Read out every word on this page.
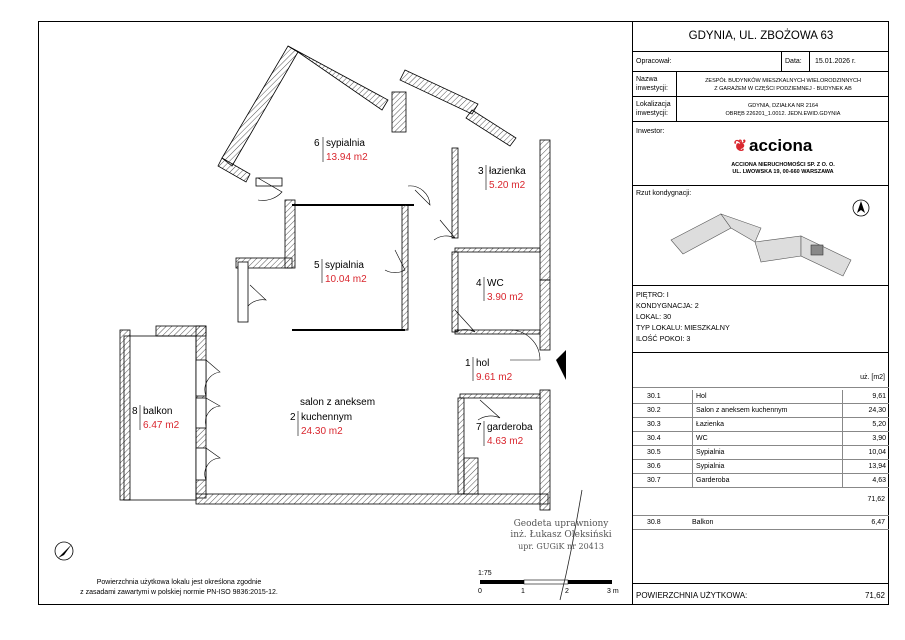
6 sypialnia
13.94 m2
3 łazienka
5.20 m2
5 sypialnia
10.04 m2	4 WC
3.90 m2
1 hol
9.61 m2
salon z aneksem
2 kuchennym
24.30 m2
8 balkon
6.47 m2	7 garderoba
4.63 m2
1:75
0	1	2	3 m
Geodeta uprawniony
inż. Łukasz Oleksiński
upr. GUGiK nr 20413
Powierzchnia użytkowa lokalu jest określona zgodnie
z zasadami zawartymi w polskiej normie PN-ISO 9836:2015-12.
GDYNIA, UL. ZBOŻOWA 63
Opracował:	Data: 15.01.2026 r.
Nazwa
inwestycji:
ZESPÓŁ BUDYNKÓW MIESZKALNYCH WIELORODZINNYCH
Z GARAŻEM W CZĘŚCI PODZIEMNEJ - BUDYNEK AB
Lokalizacja
inwestycji:
GDYNIA, DZIAŁKA NR 2164
OBRĘB 226201_1.0012. JEDN.EWID.GDYNIA
Inwestor:
❦ acciona
ACCIONA NIERUCHOMOŚCI SP. Z O. O.
UL. LWOWSKA 19, 00-660 WARSZAWA
Rzut kondygnacji:

PIĘTRO: I

KONDYGNACJA: 2

LOKAL: 30

TYP LOKALU: MIESZKALNY

ILOŚĆ POKOI: 3

uż. [m2]
30.1	Hol	9,61
30.2	Salon z aneksem kuchennym	24,30
30.3	Łazienka	5,20
30.4	WC	3,90
30.5	Sypialnia	10,04
30.6	Sypialnia	13,94
30.7	Garderoba	4,63
71,62
30.8	Balkon	6,47
POWIERZCHNIA UŻYTKOWA:	71,62
